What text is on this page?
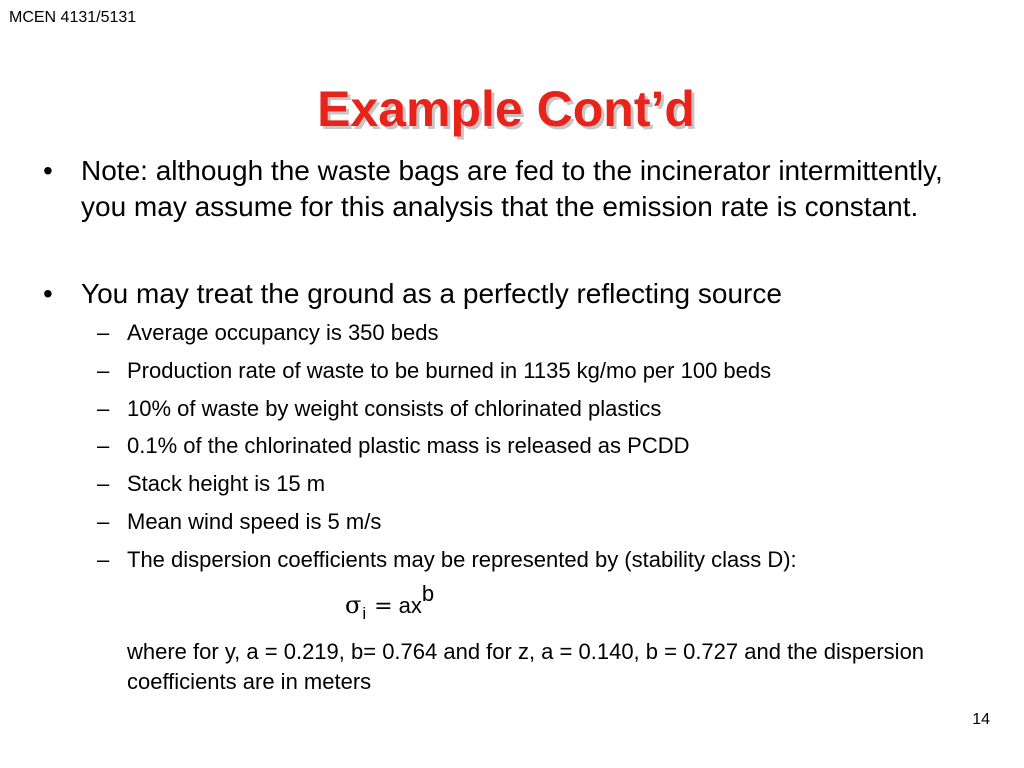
MCEN 4131/5131
Example Cont’d
• Note: although the waste bags are fed to the incinerator intermittently, you may assume for this analysis that the emission rate is constant.
• You may treat the ground as a perfectly reflecting source
– Average occupancy is 350 beds
– Production rate of waste to be burned in 1135 kg/mo per 100 beds
– 10% of waste by weight consists of chlorinated plastics
– 0.1% of the chlorinated plastic mass is released as PCDD
– Stack height is 15 m
– Mean wind speed is 5 m/s
– The dispersion coefficients may be represented by (stability class D):
$\sigma_i$ = axb
where for y, a = 0.219, b= 0.764 and for z, a = 0.140, b = 0.727 and the dispersion coefficients are in meters
14
